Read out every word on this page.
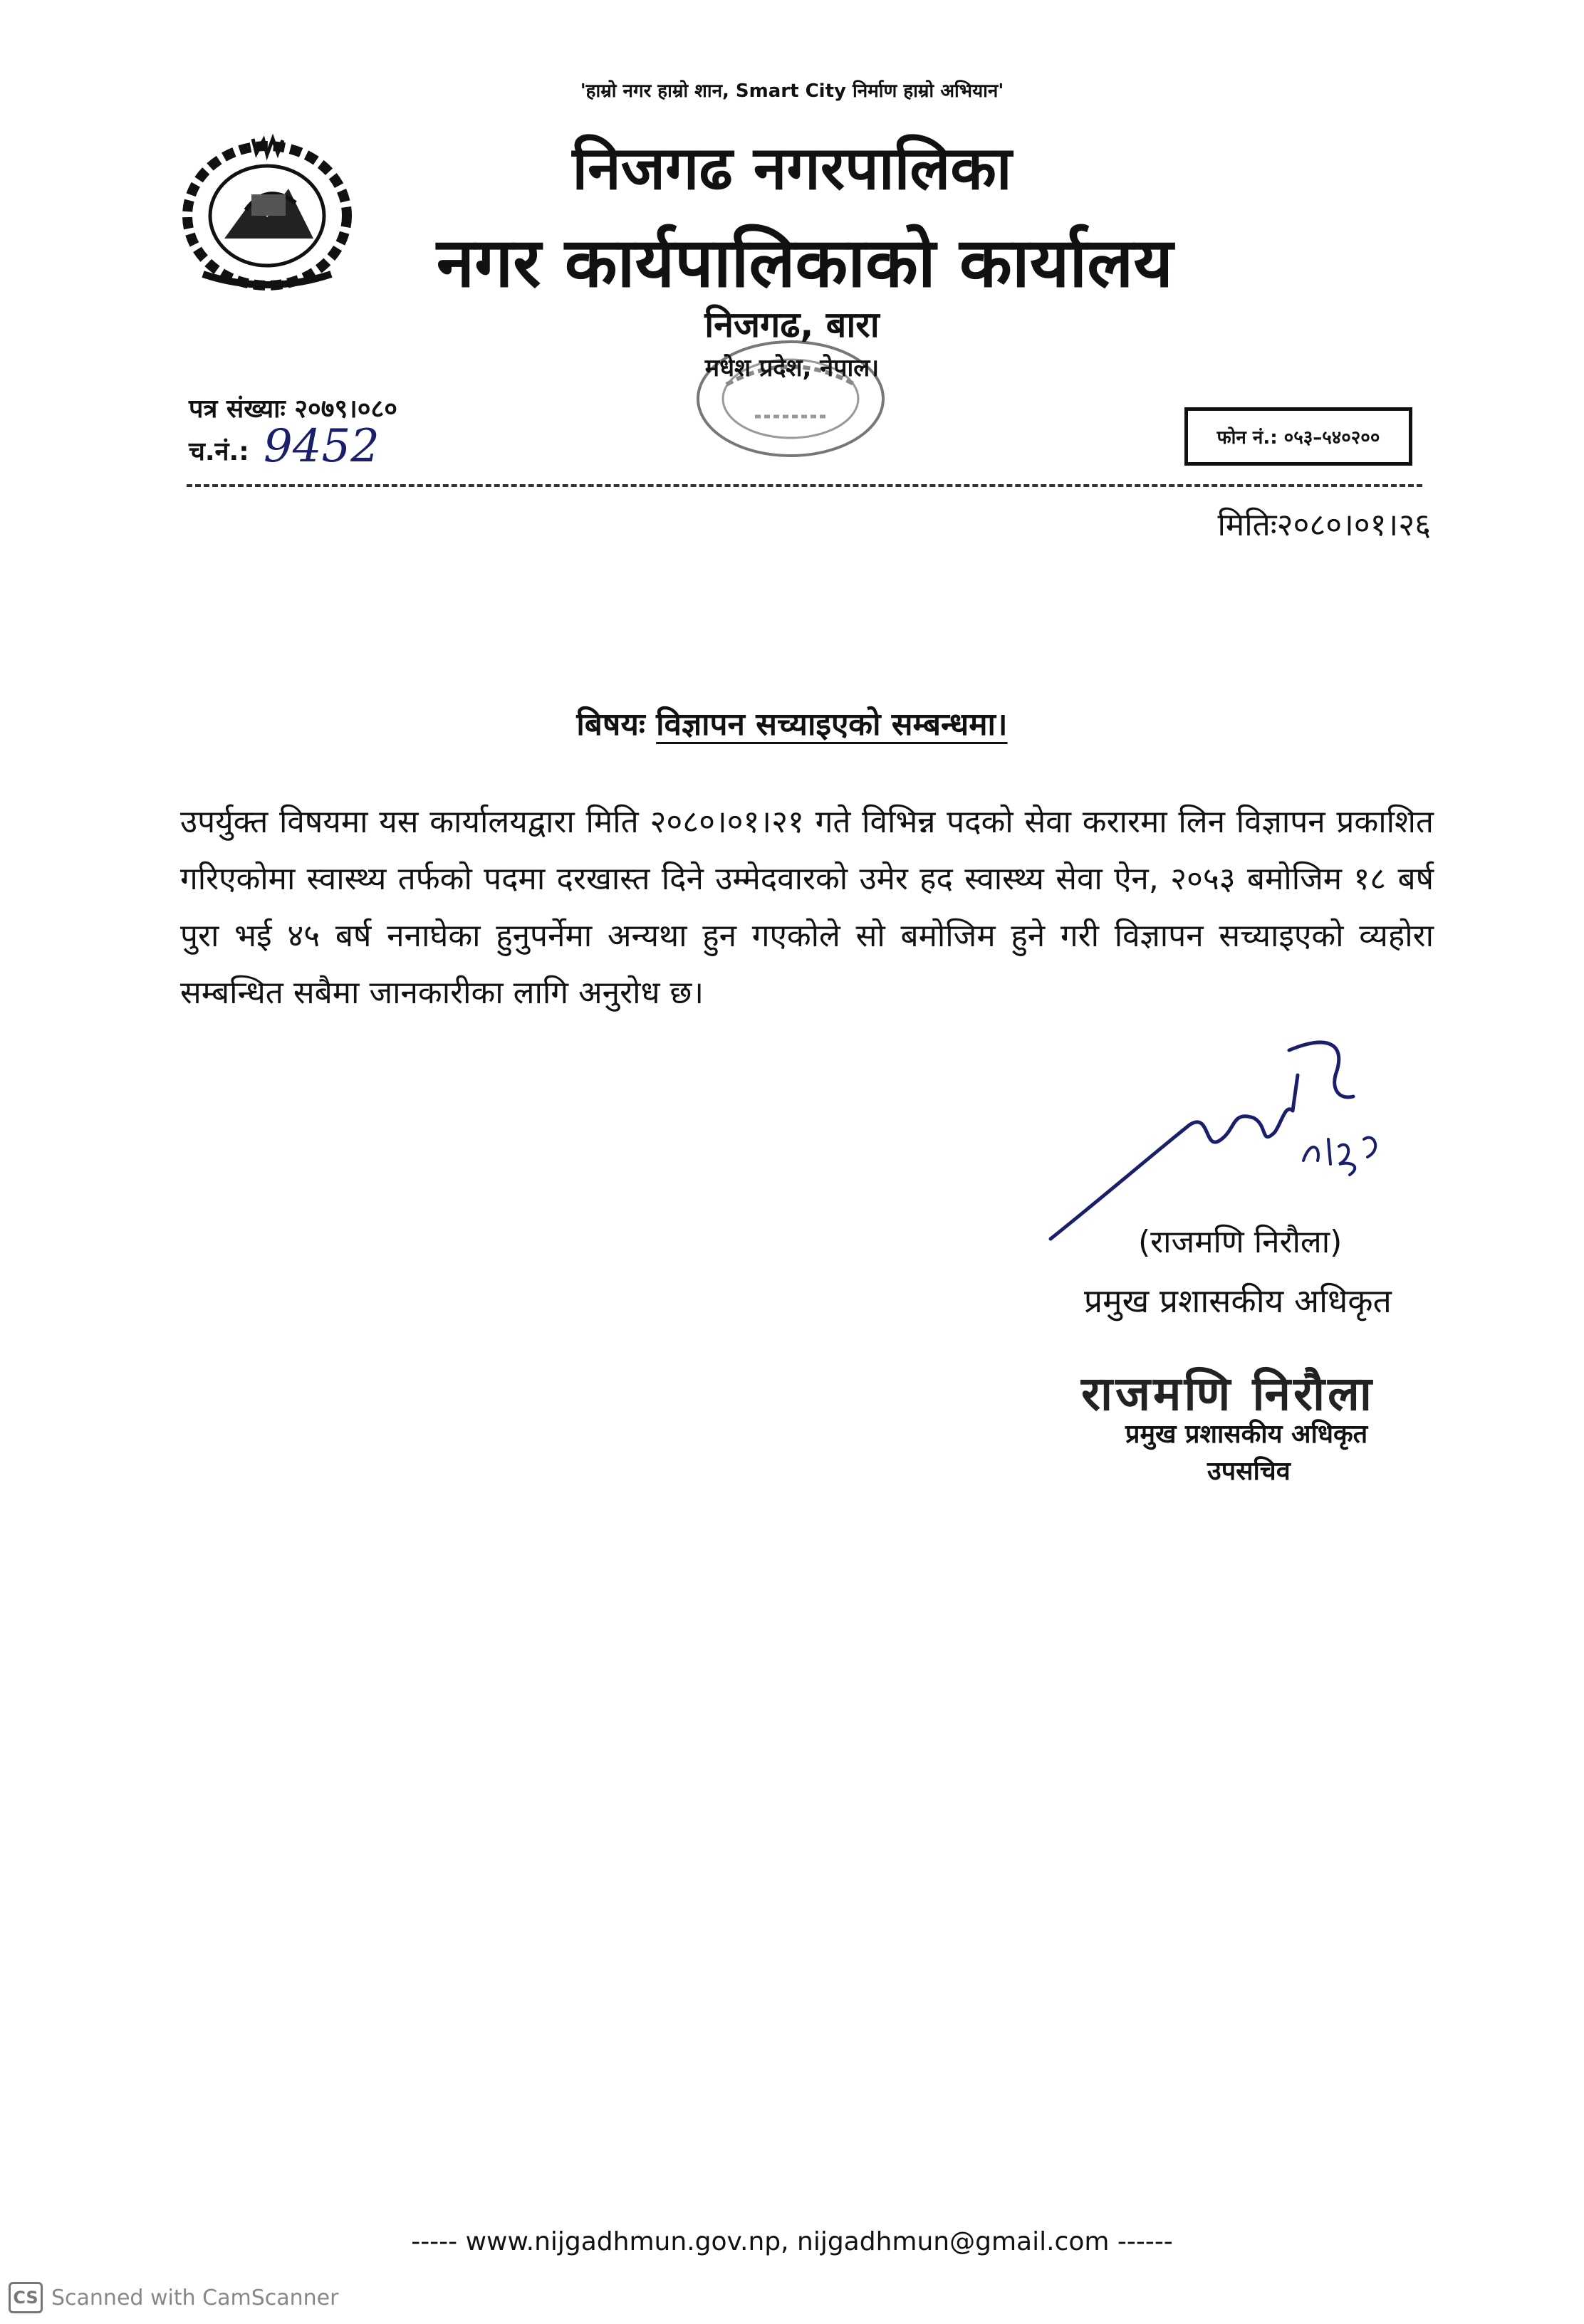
'हाम्रो नगर हाम्रो शान, Smart City निर्माण हाम्रो अभियान'
निजगढ नगरपालिका
नगर कार्यपालिकाको कार्यालय
निजगढ, बारा
मधेश प्रदेश, नेपाल।
पत्र संख्याः २०७९।०८०
च.नं.: 9452	फोन नं.:
०५३–५४०२००
मितिः२०८०।०१।२६
बिषयः विज्ञापन सच्याइएको सम्बन्धमा।
उपर्युक्त विषयमा यस कार्यालयद्वारा मिति २०८०।०१।२१ गते विभिन्न पदको सेवा करारमा लिन विज्ञापन प्रकाशित गरिएकोमा स्वास्थ्य तर्फको पदमा दरखास्त दिने उम्मेदवारको उमेर हद स्वास्थ्य सेवा ऐन, २०५३ बमोजिम १८ बर्ष पुरा भई ४५ बर्ष ननाघेका हुनुपर्नेमा अन्यथा हुन गएकोले सो बमोजिम हुने गरी विज्ञापन सच्याइएको व्यहोरा सम्बन्धित सबैमा जानकारीका लागि अनुरोध छ।
(राजमणि निरौला)
प्रमुख प्रशासकीय अधिकृत
राजमणि निरौला
प्रमुख प्रशासकीय अधिकृत
उपसचिव
----- www.nijgadhmun.gov.np, nijgadhmun@gmail.com ------
CS Scanned with CamScanner
